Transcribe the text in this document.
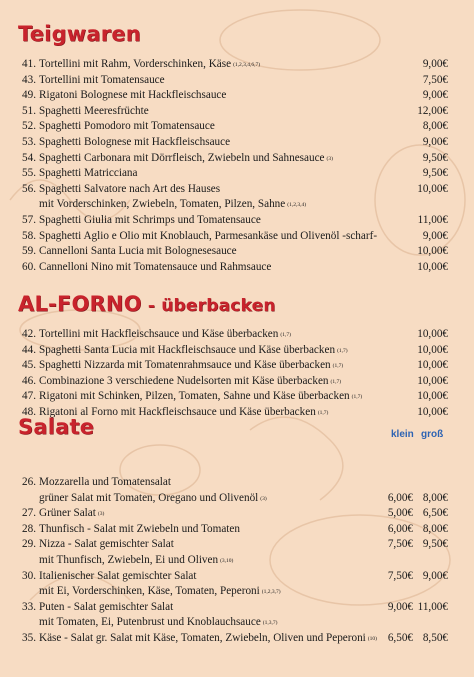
Teigwaren
41. Tortellini mit Rahm, Vorderschinken, Käse (1,2,3,4,6,7)	9,00€
43. Tortellini mit Tomatensauce	7,50€
49. Rigatoni Bolognese mit Hackfleischsauce	9,00€
51. Spaghetti Meeresfrüchte	12,00€
52. Spaghetti Pomodoro mit Tomatensauce	8,00€
53. Spaghetti Bolognese mit Hackfleischsauce	9,00€
54. Spaghetti Carbonara mit Dörrfleisch, Zwiebeln und Sahnesauce (3)	9,50€
55. Spaghetti Matricciana	9,50€
56. Spaghetti Salvatore nach Art des Hauses	10,00€
mit Vorderschinken, Zwiebeln, Tomaten, Pilzen, Sahne (1,2,3,4)
57. Spaghetti Giulia mit Schrimps und Tomatensauce	11,00€
58. Spaghetti Aglio e Olio mit Knoblauch, Parmesankäse und Olivenöl -scharf-	9,00€
59. Cannelloni Santa Lucia mit Bolognesesauce	10,00€
60. Cannelloni Nino mit Tomatensauce und Rahmsauce	10,00€
AL-FORNO - überbacken
42. Tortellini mit Hackfleischsauce und Käse überbacken (1,7)	10,00€
44. Spaghetti Santa Lucia mit Hackfleischsauce und Käse überbacken (1,7)	10,00€
45. Spaghetti Nizzarda mit Tomatenrahmsauce und Käse überbacken (1,7)	10,00€
46. Combinazione 3 verschiedene Nudelsorten mit Käse überbacken (1,7)	10,00€
47. Rigatoni mit Schinken, Pilzen, Tomaten, Sahne und Käse überbacken (1,7)	10,00€
48. Rigatoni al Forno mit Hackfleischsauce und Käse überbacken (1,7)	10,00€
Salate	klein groß
26. Mozzarella und Tomatensalat
grüner Salat mit Tomaten, Oregano und Olivenöl (3)	6,00€ 8,00€
27. Grüner Salat (3)	5,00€ 6,50€
28. Thunfisch - Salat mit Zwiebeln und Tomaten	6,00€ 8,00€
29. Nizza - Salat gemischter Salat	7,50€ 9,50€
mit Thunfisch, Zwiebeln, Ei und Oliven (3,10)
30. Italienischer Salat gemischter Salat	7,50€ 9,00€
mit Ei, Vorderschinken, Käse, Tomaten, Peperoni (1,2,3,7)
33. Puten - Salat gemischter Salat	9,00€ 11,00€
mit Tomaten, Ei, Putenbrust und Knoblauchsauce (1,3,7)
35. Käse - Salat gr. Salat mit Käse, Tomaten, Zwiebeln, Oliven und Peperoni (10) 6,50€ 8,50€
